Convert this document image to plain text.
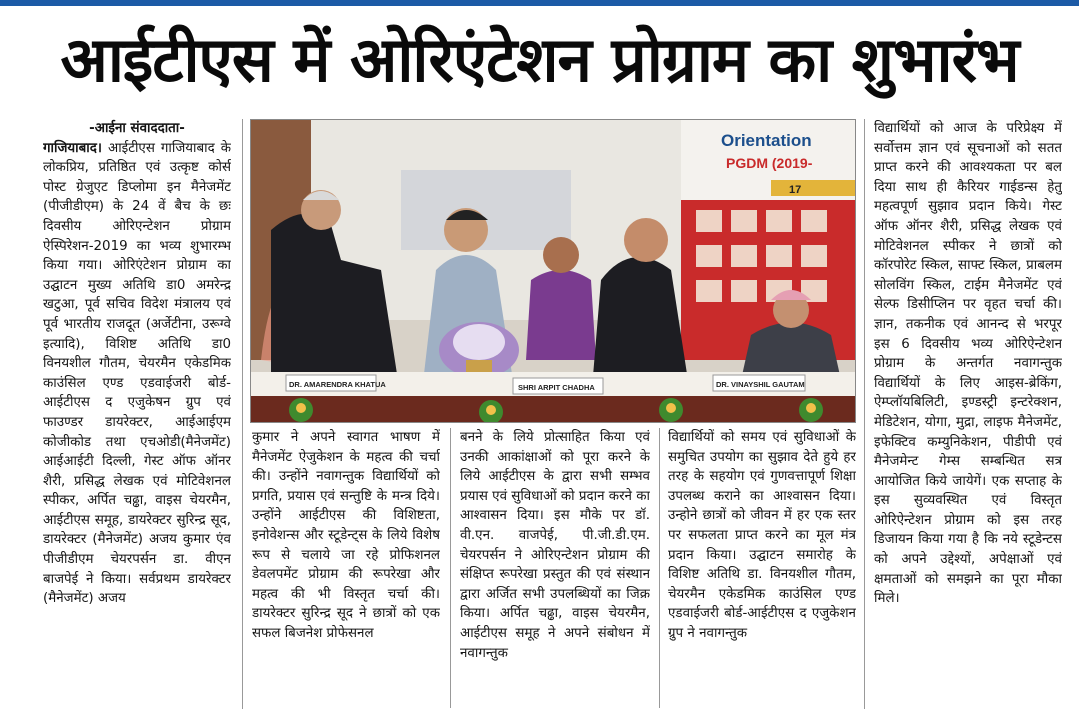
आईटीएस में ओरिएंटेशन प्रोग्राम का शुभारंभ

-आईना संवाददाता-

गाजियाबाद। आईटीएस गाजियाबाद के लोकप्रिय, प्रतिष्ठित एवं उत्कृष्ट कोर्स पोस्ट ग्रेजुएट डिप्लोमा इन मैनेजमेंट (पीजीडीएम) के 24 वें बैच के छः दिवसीय ओरिएन्टेशन प्रोग्राम ऐस्पिरेशन-2019 का भव्य शुभारम्भ किया गया। ओरिएंटेशन प्रोग्राम का उद्घाटन मुख्य अतिथि डा0 अमरेन्द्र खटुआ, पूर्व सचिव विदेश मंत्रालय एवं पूर्व भारतीय राजदूत (अर्जेटीना, उरूग्वे इत्यादि), विशिष्ट अतिथि डा0 विनयशील गौतम, चेयरमैन एकेडमिक काउंसिल एण्ड एडवाईजरी बोर्ड-आईटीएस द एजुकेषन ग्रुप एवं फाउण्डर डायरेक्टर, आईआईएम कोजीकोड तथा एचओडी(मैनेजमेंट) आईआईटी दिल्ली, गेस्ट ऑफ ऑनर शैरी, प्रसिद्ध लेखक एवं मोटिवेशनल स्पीकर, अर्पित चढ्ढा, वाइस चेयरमैन, आईटीएस समूह, डायरेक्टर सुरिन्द्र सूद, डायरेक्टर (मैनेजमेंट) अजय कुमार एंव पीजीडीएम चेयरपर्सन डा. वीएन बाजपेई ने किया। सर्वप्रथम डायरेक्टर (मैनेजमेंट) अजय
Orientation
PGDM (2019-
17
DR. AMARENDRA KHATUA	SHRI ARPIT CHADHA	DR. VINAYSHIL GAUTAM
कुमार ने अपने स्वागत भाषण में मैनेजमेंट ऐजुकेशन के महत्व की चर्चा की। उन्होंने नवागन्तुक विद्यार्थियों को प्रगति, प्रयास एवं सन्तुष्टि के मन्त्र दिये। उन्होंने आईटीएस की विशिष्टता, इनोवेशन्स और स्टूडेन्ट्स के लिये विशेष रूप से चलाये जा रहे प्रोफिशनल डेवलपमेंट प्रोग्राम की रूपरेखा और महत्व की भी विस्तृत चर्चा की। डायरेक्टर सुरिन्द्र सूद ने छात्रों को एक सफल बिजनेश प्रोफेसनल
बनने के लिये प्रोत्साहित किया एवं उनकी आकांक्षाओं को पूरा करने के लिये आईटीएस के द्वारा सभी सम्भव प्रयास एवं सुविधाओं को प्रदान करने का आश्वासन दिया। इस मौके पर डॉ. वी.एन. वाजपेई, पी.जी.डी.एम. चेयरपर्सन ने ओरिएन्टेशन प्रोग्राम की संक्षिप्त रूपरेखा प्रस्तुत की एवं संस्थान द्वारा अर्जित सभी उपलब्धियों का जिक्र किया। अर्पित चढ्ढा, वाइस चेयरमैन, आईटीएस समूह ने अपने संबोधन में नवागन्तुक
विद्यार्थियों को समय एवं सुविधाओं के समुचित उपयोग का सुझाव देते हुये हर तरह के सहयोग एवं गुणवत्तापूर्ण शिक्षा उपलब्ध कराने का आश्वासन दिया। उन्होने छात्रों को जीवन में हर एक स्तर पर सफलता प्राप्त करने का मूल मंत्र प्रदान किया। उद्घाटन समारोह के विशिष्ट अतिथि डा. विनयशील गौतम, चेयरमैन एकेडमिक काउंसिल एण्ड एडवाईजरी बोर्ड-आईटीएस द एजुकेशन ग्रुप ने नवागन्तुक
विद्यार्थियों को आज के परिप्रेक्ष्य में सर्वोत्तम ज्ञान एवं सूचनाओं को सतत प्राप्त करने की आवश्यकता पर बल दिया साथ ही कैरियर गाईडन्स हेतु महत्वपूर्ण सुझाव प्रदान किये। गेस्ट ऑफ ऑनर शैरी, प्रसिद्ध लेखक एवं मोटिवेशनल स्पीकर ने छात्रों को कॉरपोरेट स्किल, साफ्ट स्किल, प्राबलम सोलविंग स्किल, टाईम मैनेजमेंट एवं सेल्फ डिसीप्लिन पर वृहत चर्चा की। ज्ञान, तकनीक एवं आनन्द से भरपूर इस 6 दिवसीय भव्य ओरिऐन्टेशन प्रोग्राम के अन्तर्गत नवागन्तुक विद्यार्थियों के लिए आइस-ब्रेकिंग, ऐम्प्लॉयबिलिटी, इण्डस्ट्री इन्टरेक्शन, मेडिटेशन, योगा, मुद्रा, लाइफ मैनेजमेंट, इफेक्टिव कम्युनिकेशन, पीडीपी एवं मैनेजमेन्ट गेम्स सम्बन्धित सत्र आयोजित किये जायेगें। एक सप्ताह के इस सुव्यवस्थित एवं विस्तृत ओरिऐन्टेशन प्रोग्राम को इस तरह डिजायन किया गया है कि नये स्टूडेन्टस को अपने उद्देश्यों, अपेक्षाओं एवं क्षमताओं को समझने का पूरा मौका मिले।
